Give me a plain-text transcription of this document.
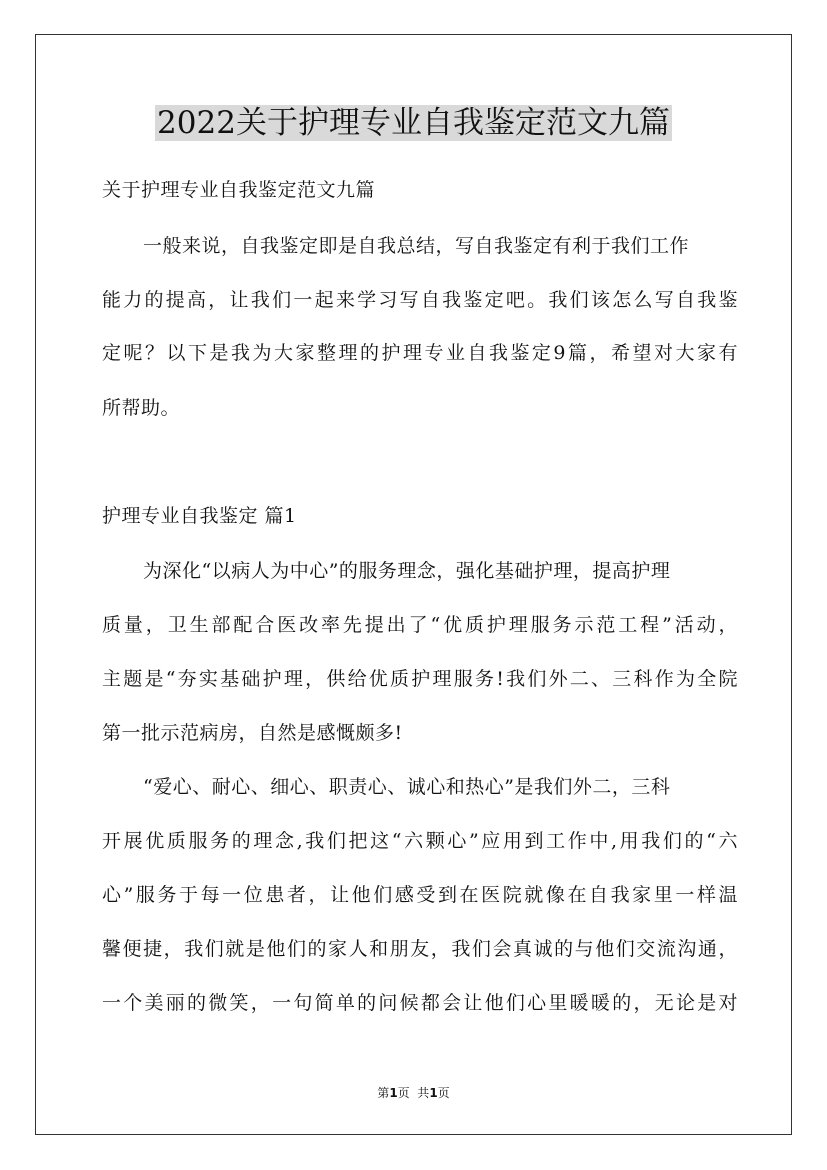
2022关于护理专业自我鉴定范文九篇
关于护理专业自我鉴定范文九篇
一般来说，自我鉴定即是自我总结，写自我鉴定有利于我们工作
能力的提高，让我们一起来学习写自我鉴定吧。我们该怎么写自我鉴
定呢？以下是我为大家整理的护理专业自我鉴定9篇，希望对大家有
所帮助。
护理专业自我鉴定 篇1
为深化“以病人为中心”的服务理念，强化基础护理，提高护理
质量，卫生部配合医改率先提出了“优质护理服务示范工程”活动，
主题是“夯实基础护理，供给优质护理服务!我们外二、三科作为全院
第一批示范病房，自然是感慨颇多!
“爱心、耐心、细心、职责心、诚心和热心”是我们外二，三科
开展优质服务的理念,我们把这“六颗心”应用到工作中,用我们的“六
心”服务于每一位患者，让他们感受到在医院就像在自我家里一样温
馨便捷，我们就是他们的家人和朋友，我们会真诚的与他们交流沟通，
一个美丽的微笑，一句简单的问候都会让他们心里暖暖的，无论是对
第1页  共1页
